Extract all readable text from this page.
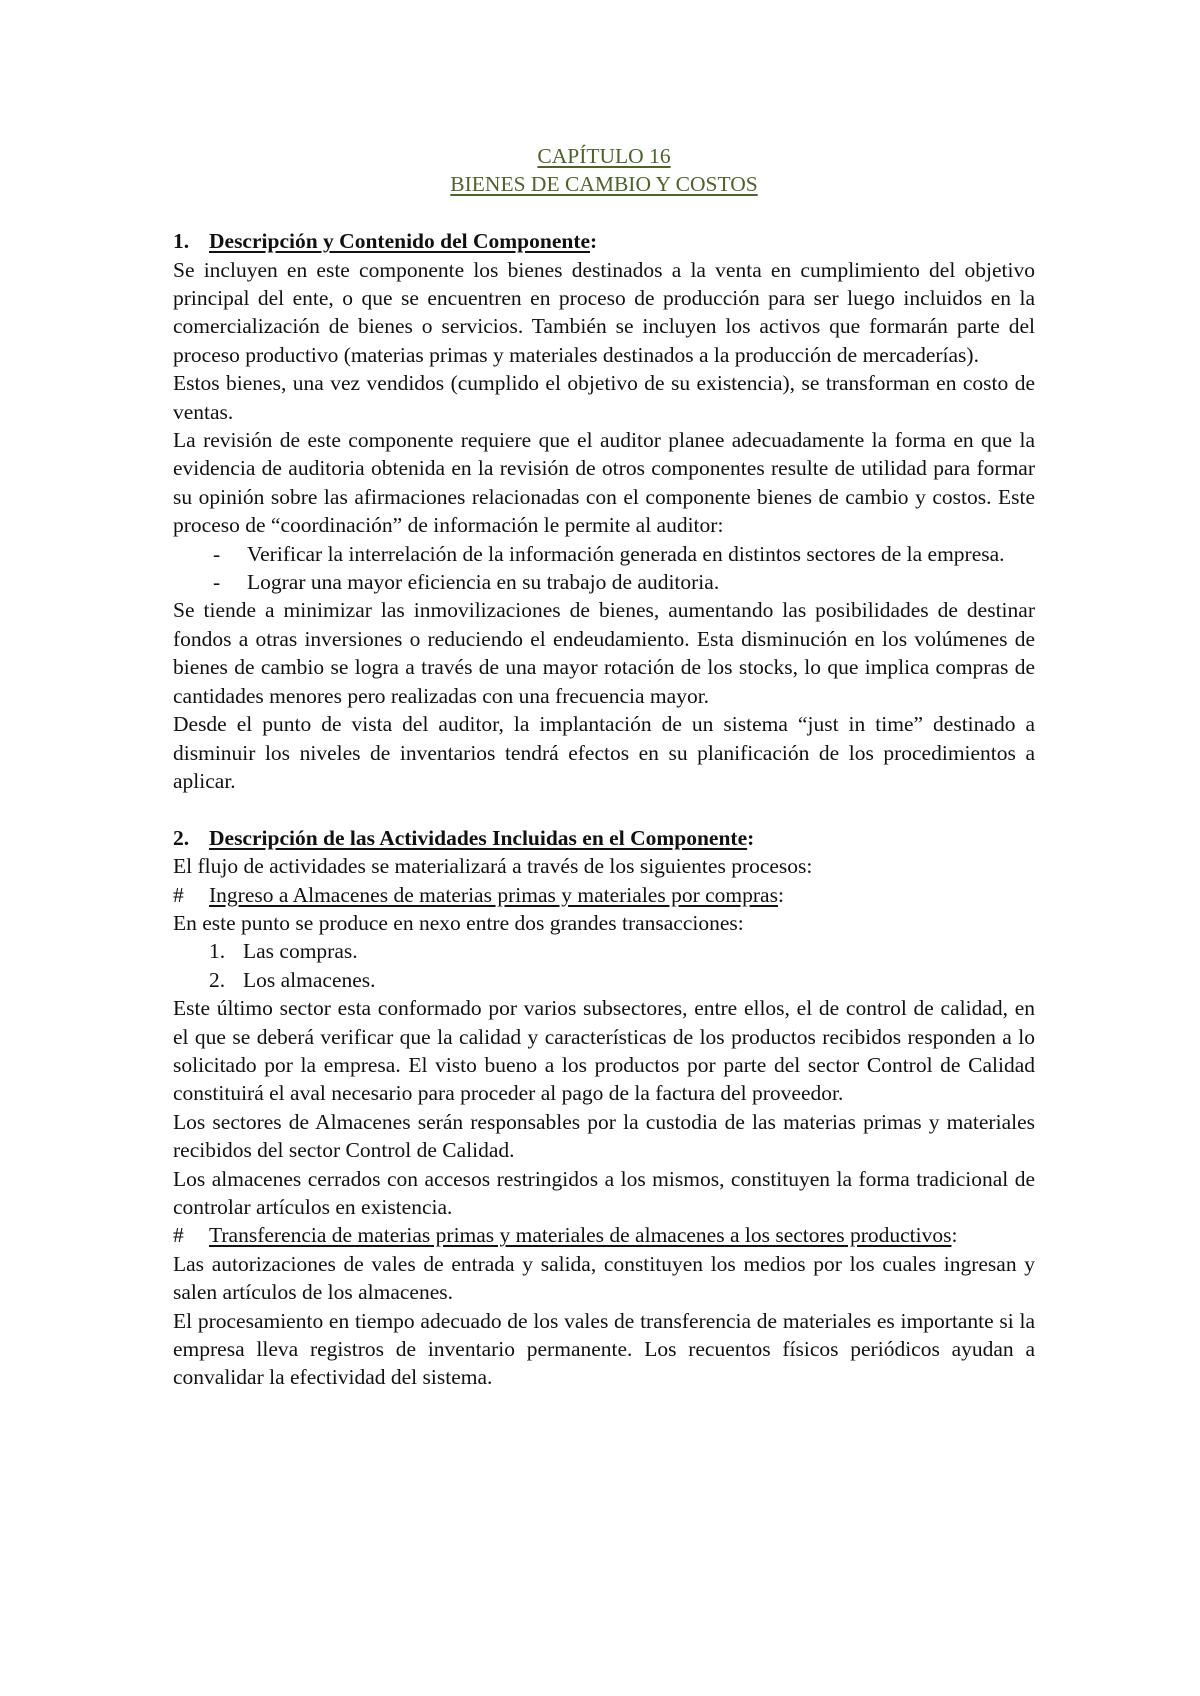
CAPÍTULO 16
BIENES DE CAMBIO Y COSTOS
1. Descripción y Contenido del Componente:

Se incluyen en este componente los bienes destinados a la venta en cumplimiento del objetivo principal del ente, o que se encuentren en proceso de producción para ser luego incluidos en la comercialización de bienes o servicios. También se incluyen los activos que formarán parte del proceso productivo (materias primas y materiales destinados a la producción de mercaderías).

Estos bienes, una vez vendidos (cumplido el objetivo de su existencia), se transforman en costo de ventas.

La revisión de este componente requiere que el auditor planee adecuadamente la forma en que la evidencia de auditoria obtenida en la revisión de otros componentes resulte de utilidad para formar su opinión sobre las afirmaciones relacionadas con el componente bienes de cambio y costos. Este proceso de “coordinación” de información le permite al auditor:

-	Verificar la interrelación de la información generada en distintos sectores de la empresa.
-	Lograr una mayor eficiencia en su trabajo de auditoria.

Se tiende a minimizar las inmovilizaciones de bienes, aumentando las posibilidades de destinar fondos a otras inversiones o reduciendo el endeudamiento. Esta disminución en los volúmenes de bienes de cambio se logra a través de una mayor rotación de los stocks, lo que implica compras de cantidades menores pero realizadas con una frecuencia mayor.

Desde el punto de vista del auditor, la implantación de un sistema “just in time” destinado a disminuir los niveles de inventarios tendrá efectos en su planificación de los procedimientos a aplicar.

2. Descripción de las Actividades Incluidas en el Componente:

El flujo de actividades se materializará a través de los siguientes procesos:

#	Ingreso a Almacenes de materias primas y materiales por compras:

En este punto se produce en nexo entre dos grandes transacciones:

1. Las compras.
2. Los almacenes.

Este último sector esta conformado por varios subsectores, entre ellos, el de control de calidad, en el que se deberá verificar que la calidad y características de los productos recibidos responden a lo solicitado por la empresa. El visto bueno a los productos por parte del sector Control de Calidad constituirá el aval necesario para proceder al pago de la factura del proveedor.

Los sectores de Almacenes serán responsables por la custodia de las materias primas y materiales recibidos del sector Control de Calidad.

Los almacenes cerrados con accesos restringidos a los mismos, constituyen la forma tradicional de controlar artículos en existencia.

#	Transferencia de materias primas y materiales de almacenes a los sectores productivos:

Las autorizaciones de vales de entrada y salida, constituyen los medios por los cuales ingresan y salen artículos de los almacenes.

El procesamiento en tiempo adecuado de los vales de transferencia de materiales es importante si la empresa lleva registros de inventario permanente. Los recuentos físicos periódicos ayudan a convalidar la efectividad del sistema.
